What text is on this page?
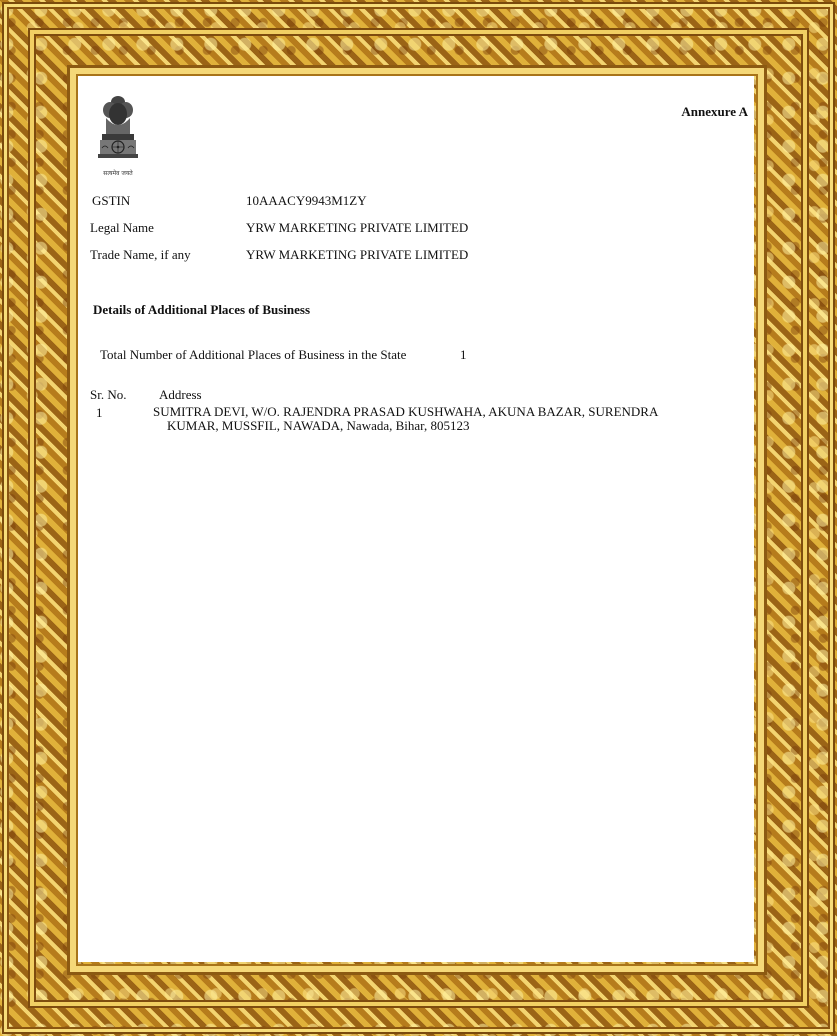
सत्यमेव जयते
Annexure A
GSTIN	10AAACY9943M1ZY
Legal Name	YRW MARKETING PRIVATE LIMITED
Trade Name, if any	YRW MARKETING PRIVATE LIMITED
Details of Additional Places of Business
Total Number of Additional Places of Business in the State	1
Sr. No.	Address
1	SUMITRA DEVI, W/O. RAJENDRA PRASAD KUSHWAHA, AKUNA BAZAR, SURENDRA
KUMAR, MUSSFIL, NAWADA, Nawada, Bihar, 805123
